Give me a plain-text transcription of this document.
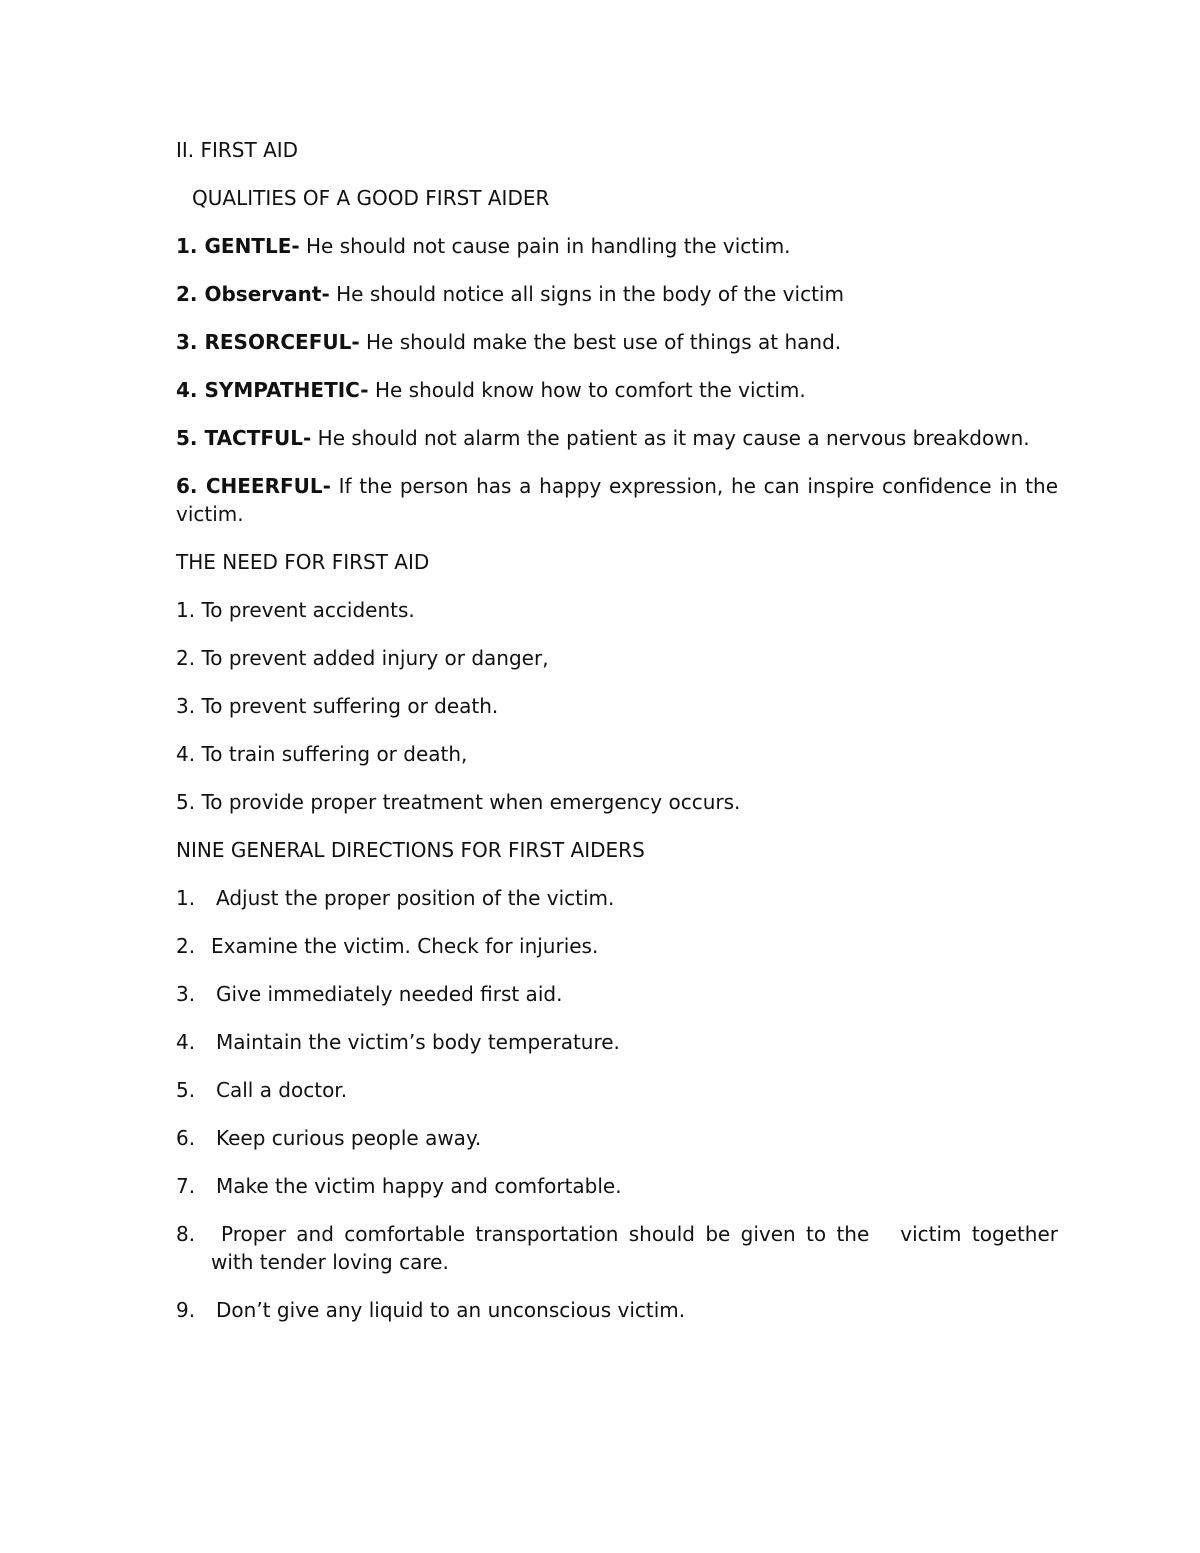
II. FIRST AID

QUALITIES OF A GOOD FIRST AIDER

1. GENTLE- He should not cause pain in handling the victim.

2. Observant- He should notice all signs in the body of the victim

3. RESORCEFUL- He should make the best use of things at hand.

4. SYMPATHETIC- He should know how to comfort the victim.

5. TACTFUL- He should not alarm the patient as it may cause a nervous breakdown.

6. CHEERFUL- If the person has a happy expression, he can inspire confidence in the victim.

THE NEED FOR FIRST AID

1. To prevent accidents.

2. To prevent added injury or danger,

3. To prevent suffering or death.

4. To train suffering or death,

5. To provide proper treatment when emergency occurs.

NINE GENERAL DIRECTIONS FOR FIRST AIDERS

1.	Adjust the proper position of the victim.
2. Examine the victim. Check for injuries.
3.	Give immediately needed first aid.
4.	Maintain the victim’s body temperature.
5.	Call a doctor.
6.	Keep curious people away.
7.	Make the victim happy and comfortable.
8. Proper and comfortable transportation should be given to the   victim together with tender loving care.
9.	Don’t give any liquid to an unconscious victim.
